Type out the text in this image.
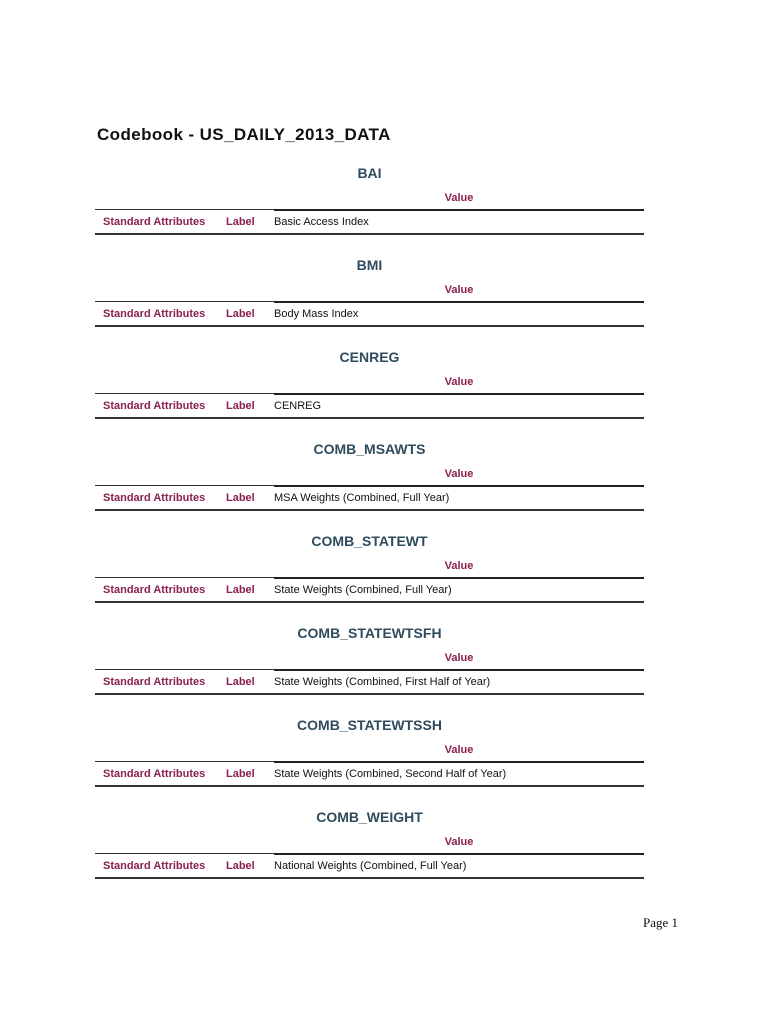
Codebook - US_DAILY_2013_DATA
BAI
Value
Standard Attributes Label Basic Access Index
BMI
Value
Standard Attributes Label Body Mass Index
CENREG
Value
Standard Attributes Label CENREG
COMB_MSAWTS
Value
Standard Attributes Label MSA Weights (Combined, Full Year)
COMB_STATEWT
Value
Standard Attributes Label State Weights (Combined, Full Year)
COMB_STATEWTSFH
Value
Standard Attributes Label State Weights (Combined, First Half of Year)
COMB_STATEWTSSH
Value
Standard Attributes Label State Weights (Combined, Second Half of Year)
COMB_WEIGHT
Value
Standard Attributes Label National Weights (Combined, Full Year)
Page 1
